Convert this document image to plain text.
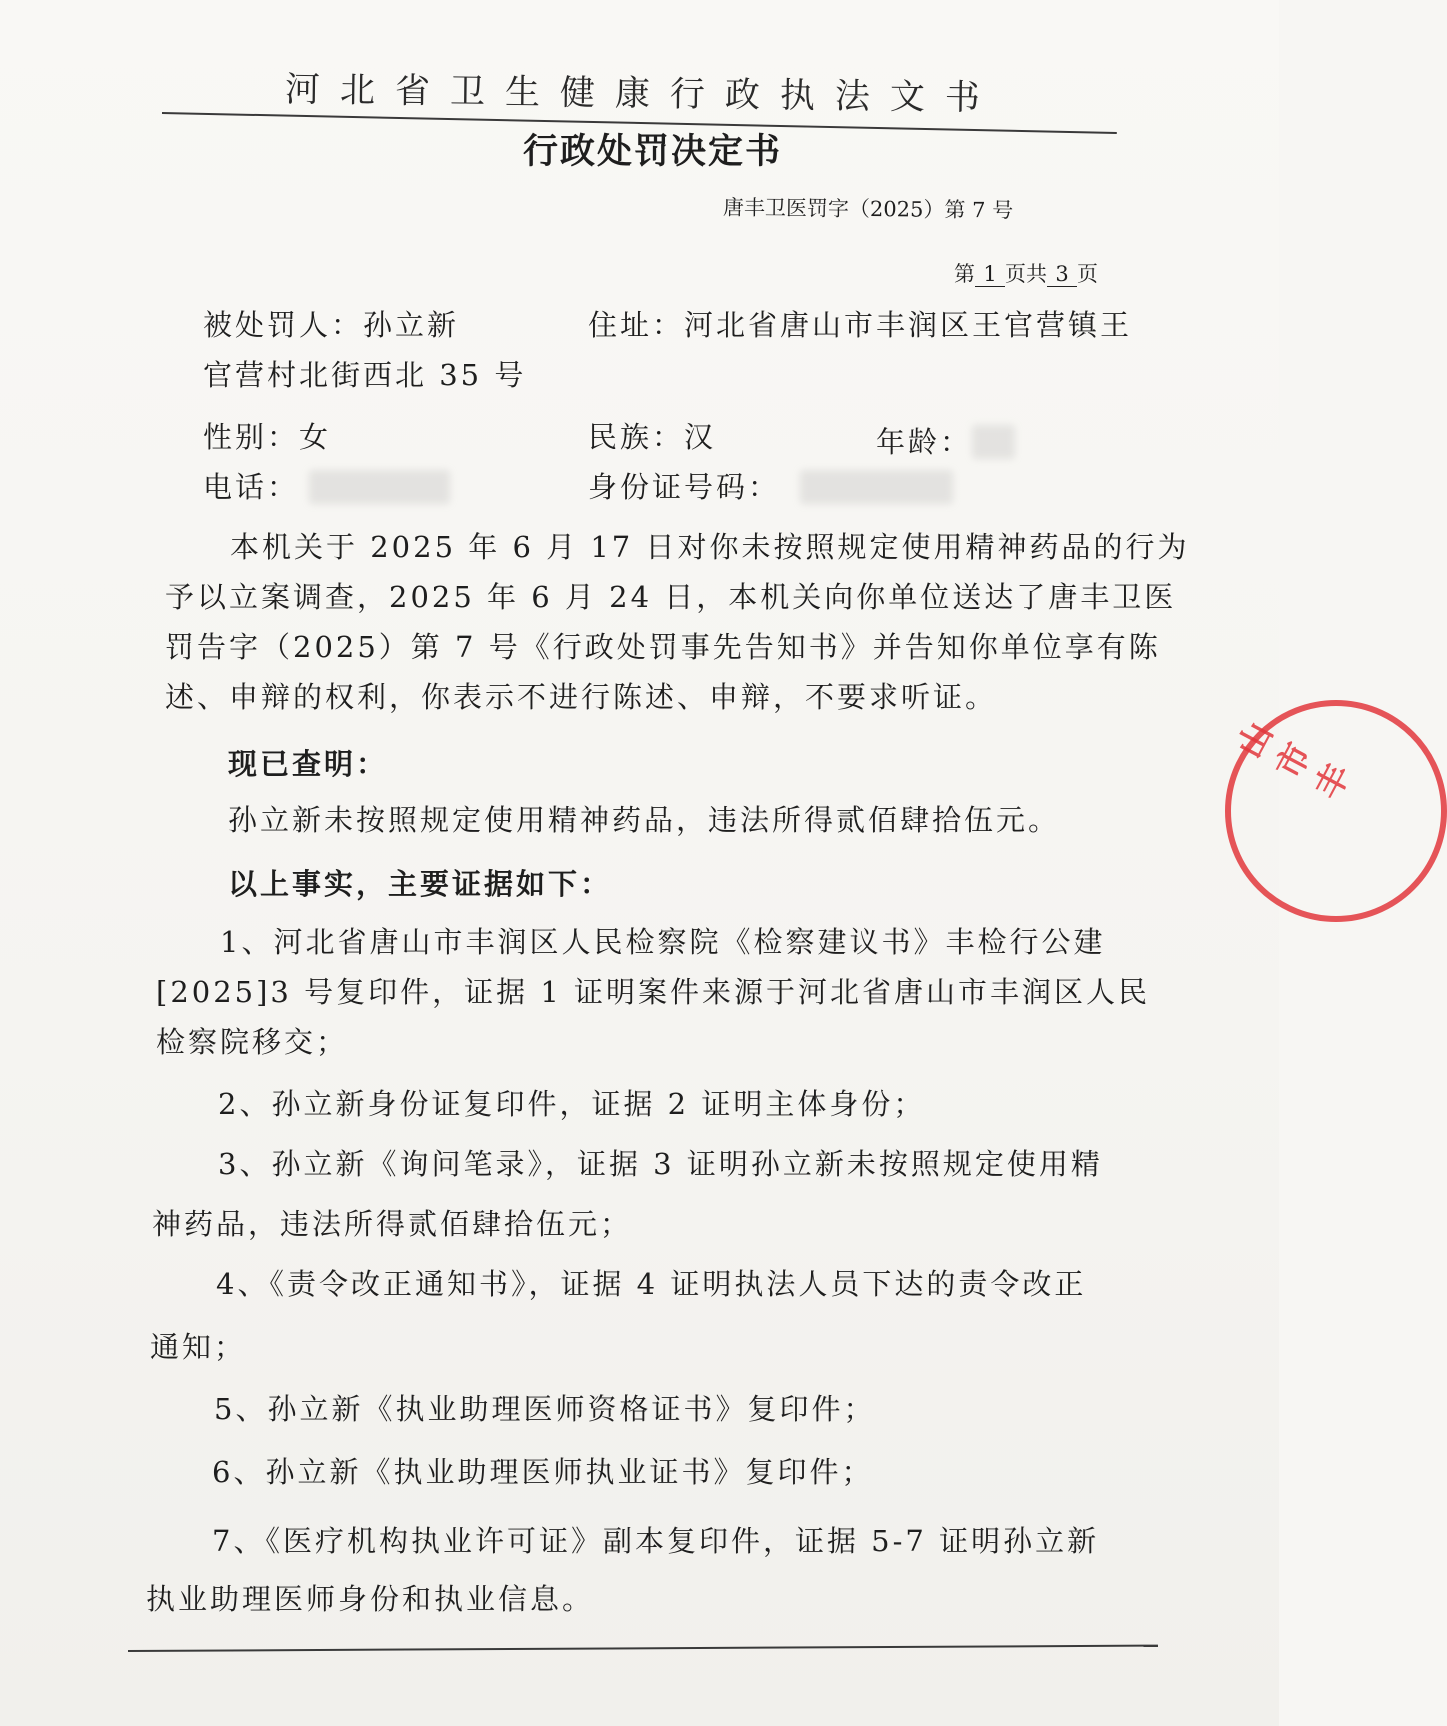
河北省卫生健康行政执法文书
行政处罚决定书
唐丰卫医罚字（2025）第 7 号
第 1 页共 3 页
被处罚人：孙立新	住址：河北省唐山市丰润区王官营镇王
官营村北街西北 35 号
性别：女	民族：汉	年龄：
电话：	身份证号码：
本机关于 2025 年 6 月 17 日对你未按照规定使用精神药品的行为
予以立案调查，2025 年 6 月 24 日，本机关向你单位送达了唐丰卫医
罚告字（2025）第 7 号《行政处罚事先告知书》并告知你单位享有陈
述、申辩的权利，你表示不进行陈述、申辩，不要求听证。
现已查明：
孙立新未按照规定使用精神药品，违法所得贰佰肆拾伍元。
以上事实，主要证据如下：
1、河北省唐山市丰润区人民检察院《检察建议书》丰检行公建
[2025]3 号复印件，证据 1 证明案件来源于河北省唐山市丰润区人民
检察院移交；
2、孙立新身份证复印件，证据 2 证明主体身份；
3、孙立新《询问笔录》，证据 3 证明孙立新未按照规定使用精
神药品，违法所得贰佰肆拾伍元；
4、《责令改正通知书》，证据 4 证明执法人员下达的责令改正
通知；
5、孙立新《执业助理医师资格证书》复印件；
6、孙立新《执业助理医师执业证书》复印件；
7、《医疗机构执业许可证》副本复印件，证据 5-7 证明孙立新
执业助理医师身份和执业信息。
山市丰
